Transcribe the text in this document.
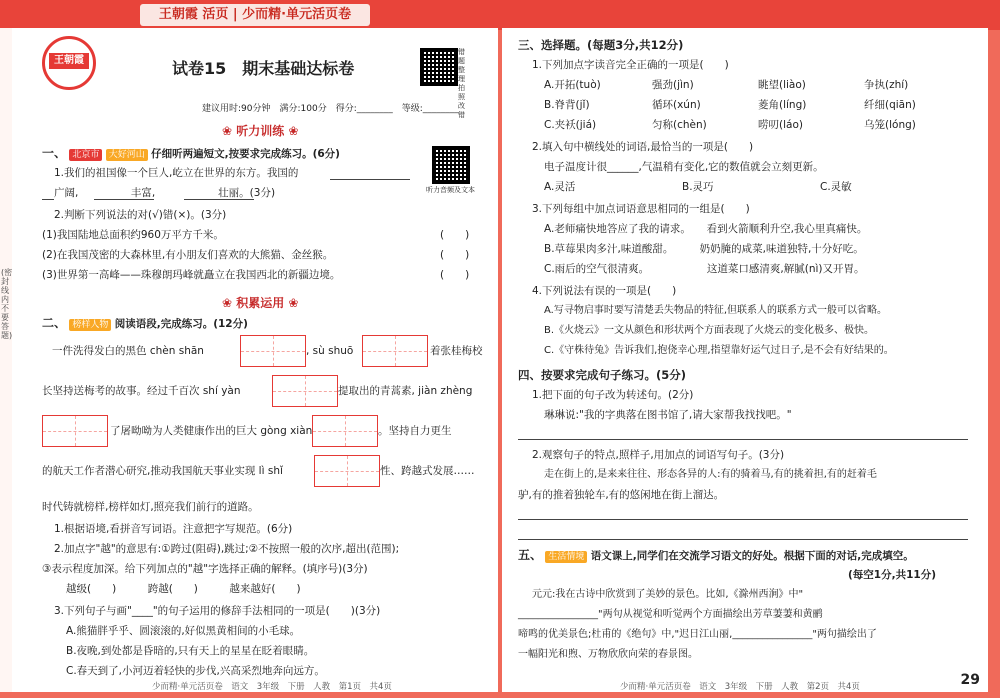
王朝霞 活页 | 少而精·单元活页卷
(密封线内不要答题)
王朝霞	试卷15　期末基础达标卷
错题整理拍照改错
建议用时:90分钟　满分:100分　得分:________　等级:________
❀ 听力训练 ❀
一、 北京市 大好河山 仔细听两遍短文,按要求完成练习。(6分)
听力音频及文本
1.我们的祖国像一个巨人,屹立在世界的东方。我国的
广阔,　　　　　丰富,　　　　　　壮丽。(3分)
2.判断下列说法的对(√)错(×)。(3分)
(1)我国陆地总面积约960万平方千米。	(　　)
(2)在我国茂密的大森林里,有小朋友们喜欢的大熊猫、金丝猴。	(　　)
(3)世界第一高峰——珠穆朗玛峰就矗立在我国西北的新疆边境。	(　　)
❀ 积累运用 ❀
二、 榜样人物 阅读语段,完成练习。(12分)
一件洗得发白的黑色 chèn shān	, sù shuō	着张桂梅校
长坚持送梅考的故事。经过千百次 shí yàn	提取出的青蒿素, jiàn zhèng
了屠呦呦为人类健康作出的巨大 gòng xiàn	。坚持自力更生
的航天工作者潜心研究,推动我国航天事业实现 lì shǐ	性、跨越式发展……
时代铸就榜样,榜样如灯,照亮我们前行的道路。
1.根据语境,看拼音写词语。注意把字写规范。(6分)
2.加点字"越"的意思有:①跨过(阻碍),跳过;②不按照一般的次序,超出(范围);
③表示程度加深。给下列加点的"越"字选择正确的解释。(填序号)(3分)
越级(　　)　　　跨越(　　)　　　越来越好(　　)
3.下列句子与画"____"的句子运用的修辞手法相同的一项是(　　)(3分)
A.熊猫胖乎乎、圆滚滚的,好似黑黄相间的小毛球。
B.夜晚,到处都是昏暗的,只有天上的星星在眨着眼睛。
C.春天到了,小河迈着轻快的步伐,兴高采烈地奔向远方。
少而精·单元活页卷　语文　3年级　下册　人教　第1页　共4页
三、选择题。(每题3分,共12分)
1.下列加点字读音完全正确的一项是(　　)
A.开拓(tuò)	强劲(jìn)	眺望(liào)	争执(zhí)
B.脊背(jǐ)	循环(xún)	菱角(líng)	纤细(qiān)
C.夹袄(jiá)	匀称(chèn)	唠叨(láo)	乌笼(lóng)
2.填入句中横线处的词语,最恰当的一项是(　　)
电子温度计很______,气温稍有变化,它的数值就会立刻更新。
A.灵活	B.灵巧	C.灵敏
3.下列每组中加点词语意思相同的一组是(　　)
A.老师痛快地答应了我的请求。　　看到火箭顺利升空,我心里真痛快。
B.草莓果肉多汁,味道酸甜。　　　奶奶腌的咸菜,味道独特,十分好吃。
C.雨后的空气很清爽。　　　　　　这道菜口感清爽,解腻(nì)又开胃。
4.下列说法有误的一项是(　　)
A.写寻物启事时要写清楚丢失物品的特征,但联系人的联系方式一般可以省略。
B.《火烧云》一文从颜色和形状两个方面表现了火烧云的变化极多、极快。
C.《守株待兔》告诉我们,抱侥幸心理,指望靠好运气过日子,是不会有好结果的。
四、按要求完成句子练习。(5分)
1.把下面的句子改为转述句。(2分)
琳琳说:"我的字典落在图书馆了,请大家帮我找找吧。"
2.观察句子的特点,照样子,用加点的词语写句子。(3分)
走在街上的,是来来往往、形态各异的人:有的骑着马,有的挑着担,有的赶着毛
驴,有的推着独轮车,有的悠闲地在街上溜达。
五、 生活情境 语文课上,同学们在交流学习语文的好处。根据下面的对话,完成填空。
(每空1分,共11分)
元元:我在古诗中欣赏到了美妙的景色。比如,《滁州西涧》中"
________________"两句从视觉和听觉两个方面描绘出芳草萋萋和黄鹂
啼鸣的优美景色;杜甫的《绝句》中,"迟日江山丽,________________"两句描绘出了
一幅阳光和煦、万物欣欣向荣的春景图。
少而精·单元活页卷　语文　3年级　下册　人教　第2页　共4页	29
